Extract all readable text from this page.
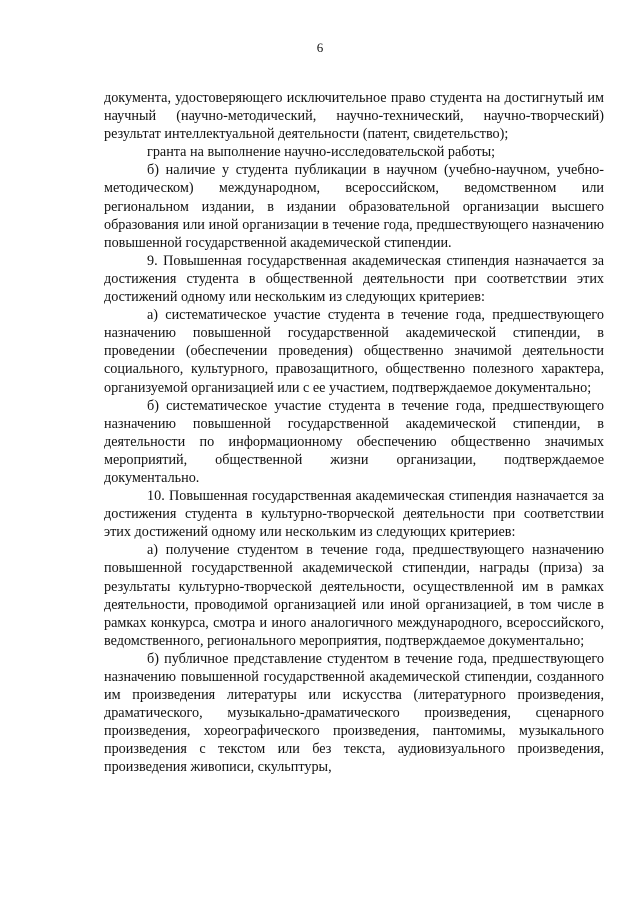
6

документа, удостоверяющего исключительное право студента на достигнутый им научный (научно-методический, научно-технический, научно-творческий) результат интеллектуальной деятельности (патент, свидетельство);

гранта на выполнение научно-исследовательской работы;

б) наличие у студента публикации в научном (учебно-научном, учебно-методическом) международном, всероссийском, ведомственном или региональном издании, в издании образовательной организации высшего образования или иной организации в течение года, предшествующего назначению повышенной государственной академической стипендии.

9. Повышенная государственная академическая стипендия назначается за достижения студента в общественной деятельности при соответствии этих достижений одному или нескольким из следующих критериев:

а) систематическое участие студента в течение года, предшествующего назначению повышенной государственной академической стипендии, в проведении (обеспечении проведения) общественно значимой деятельности социального, культурного, правозащитного, общественно полезного характера, организуемой организацией или с ее участием, подтверждаемое документально;

б) систематическое участие студента в течение года, предшествующего назначению повышенной государственной академической стипендии, в деятельности по информационному обеспечению общественно значимых мероприятий, общественной жизни организации, подтверждаемое документально.

10. Повышенная государственная академическая стипендия назначается за достижения студента в культурно-творческой деятельности при соответствии этих достижений одному или нескольким из следующих критериев:

а) получение студентом в течение года, предшествующего назначению повышенной государственной академической стипендии, награды (приза) за результаты культурно-творческой деятельности, осуществленной им в рамках деятельности, проводимой организацией или иной организацией, в том числе в рамках конкурса, смотра и иного аналогичного международного, всероссийского, ведомственного, регионального мероприятия, подтверждаемое документально;

б) публичное представление студентом в течение года, предшествующего назначению повышенной государственной академической стипендии, созданного им произведения литературы или искусства (литературного произведения, драматического, музыкально-драматического произведения, сценарного произведения, хореографического произведения, пантомимы, музыкального произведения с текстом или без текста, аудиовизуального произведения, произведения живописи, скульптуры,
